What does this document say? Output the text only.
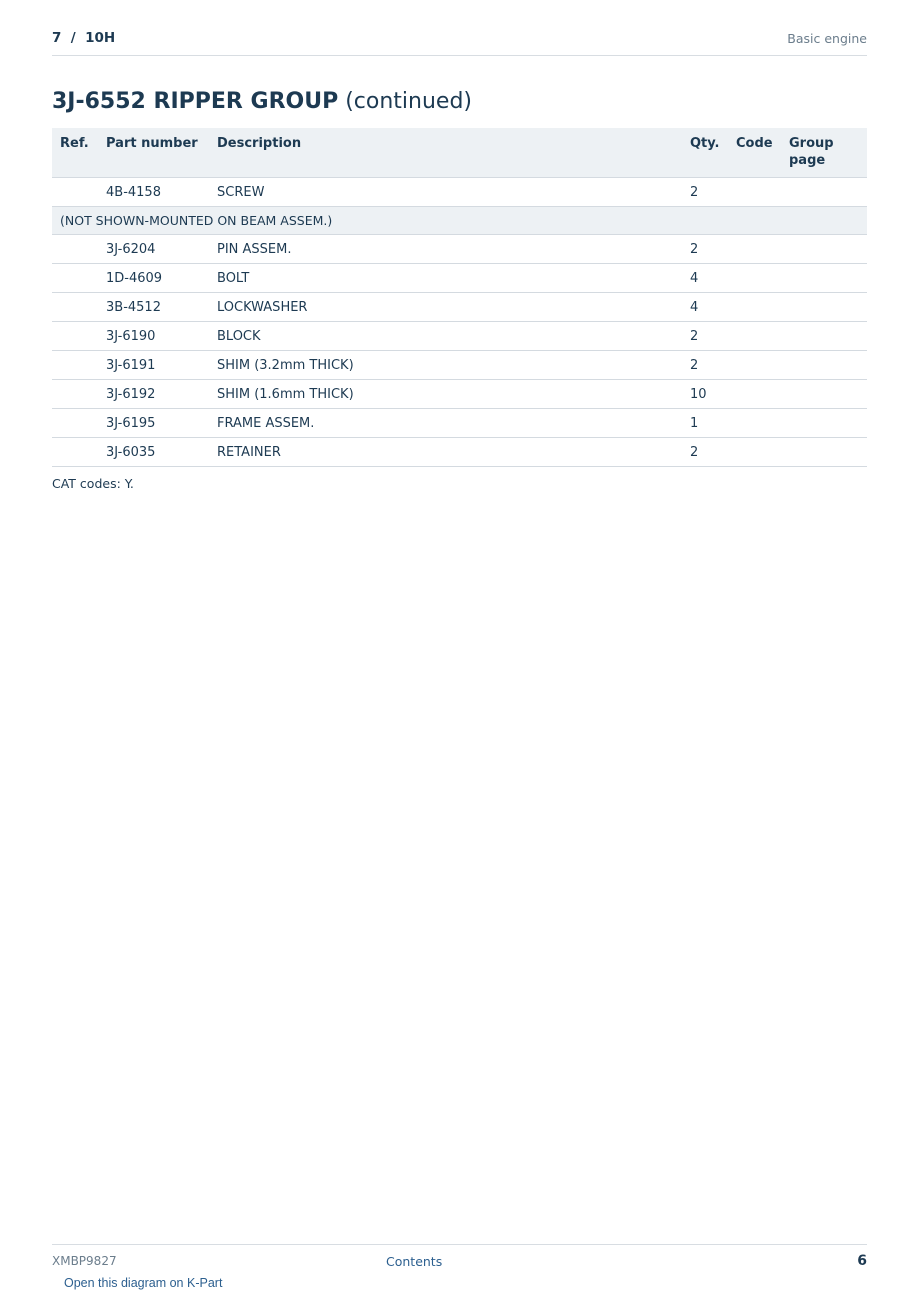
7  /  10H	Basic engine
3J-6552 RIPPER GROUP (continued)
Ref.	Part number	Description	Qty.	Code	Group page
	4B-4158	SCREW	2		
(NOT SHOWN-MOUNTED ON BEAM ASSEM.)					
	3J-6204	PIN ASSEM.	2		
	1D-4609	BOLT	4		
	3B-4512	LOCKWASHER	4		
	3J-6190	BLOCK	2		
	3J-6191	SHIM (3.2mm THICK)	2		
	3J-6192	SHIM (1.6mm THICK)	10		
	3J-6195	FRAME ASSEM.	1		
	3J-6035	RETAINER	2		
CAT codes: Y.
XMBP9827	Contents	6
Open this diagram on K-Part
